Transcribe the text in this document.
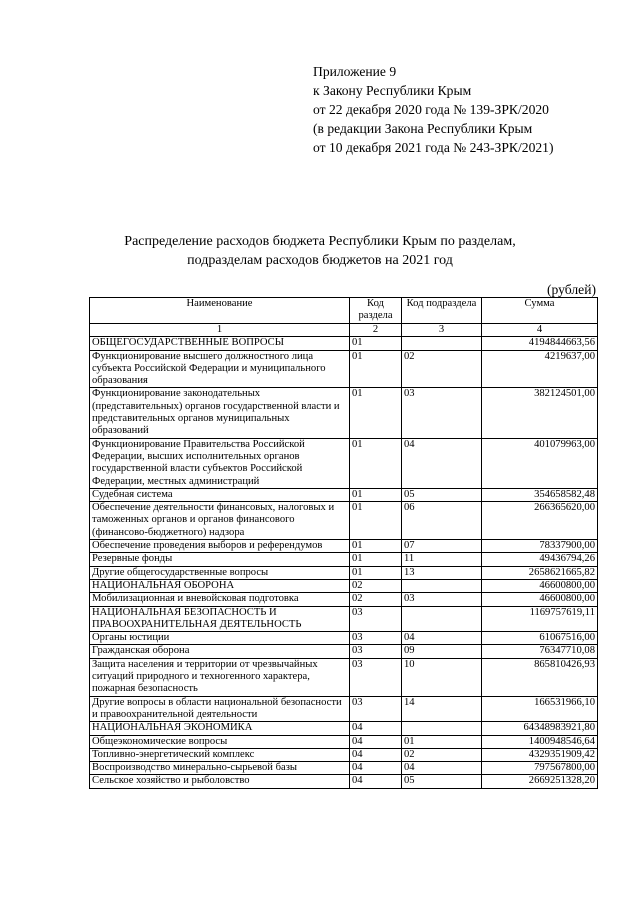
Приложение 9
к Закону Республики Крым
от 22 декабря 2020 года № 139-ЗРК/2020
(в редакции Закона Республики Крым
от 10 декабря 2021 года № 243-ЗРК/2021)
Распределение расходов бюджета Республики Крым по разделам,
подразделам расходов бюджетов на 2021 год
(рублей)
Наименование	Код раздела	Код подраздела	Сумма
1	2	3	4
ОБЩЕГОСУДАРСТВЕННЫЕ ВОПРОСЫ	01		4194844663,56
Функционирование высшего должностного лица субъекта Российской Федерации и муниципального образования	01	02	4219637,00
Функционирование законодательных (представительных) органов государственной власти и представительных органов муниципальных образований	01	03	382124501,00
Функционирование Правительства Российской Федерации, высших исполнительных органов государственной власти субъектов Российской Федерации, местных администраций	01	04	401079963,00
Судебная система	01	05	354658582,48
Обеспечение деятельности финансовых, налоговых и таможенных органов и органов финансового (финансово-бюджетного) надзора	01	06	266365620,00
Обеспечение проведения выборов и референдумов	01	07	78337900,00
Резервные фонды	01	11	49436794,26
Другие общегосударственные вопросы	01	13	2658621665,82
НАЦИОНАЛЬНАЯ ОБОРОНА	02		46600800,00
Мобилизационная и вневойсковая подготовка	02	03	46600800,00
НАЦИОНАЛЬНАЯ БЕЗОПАСНОСТЬ И ПРАВООХРАНИТЕЛЬНАЯ ДЕЯТЕЛЬНОСТЬ	03		1169757619,11
Органы юстиции	03	04	61067516,00
Гражданская оборона	03	09	76347710,08
Защита населения и территории от чрезвычайных ситуаций природного и техногенного характера, пожарная безопасность	03	10	865810426,93
Другие вопросы в области национальной безопасности и правоохранительной деятельности	03	14	166531966,10
НАЦИОНАЛЬНАЯ ЭКОНОМИКА	04		64348983921,80
Общеэкономические вопросы	04	01	1400948546,64
Топливно-энергетический комплекс	04	02	4329351909,42
Воспроизводство минерально-сырьевой базы	04	04	797567800,00
Сельское хозяйство и рыболовство	04	05	2669251328,20
